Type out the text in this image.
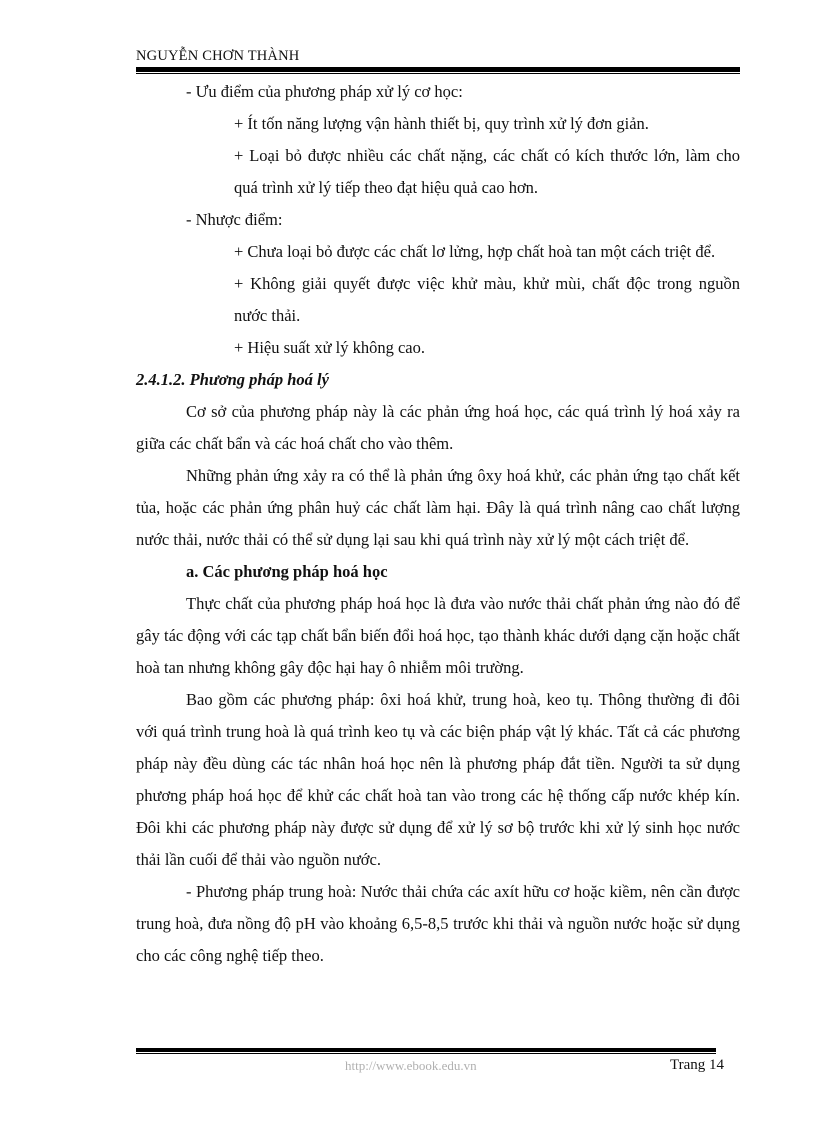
NGUYỄN CHƠN THÀNH

- Ưu điểm của phương pháp xử lý cơ học:

+ Ít tốn năng lượng vận hành thiết bị, quy trình xử lý đơn giản.

+ Loại bỏ được nhiều các chất nặng, các chất có kích thước lớn, làm cho quá trình xử lý tiếp theo đạt hiệu quả cao hơn.

- Nhược điểm:

+ Chưa loại bỏ được các chất lơ lửng, hợp chất hoà tan một cách triệt để.

+ Không giải quyết được việc khử màu, khử mùi, chất độc trong nguồn nước thải.

+ Hiệu suất xử lý không cao.

2.4.1.2. Phương pháp hoá lý

Cơ sở của phương pháp này là các phản ứng hoá học, các quá trình lý hoá xảy ra giữa các chất bẩn và các hoá chất cho vào thêm.

Những phản ứng xảy ra có thể là phản ứng ôxy hoá khử, các phản ứng tạo chất kết tủa, hoặc các phản ứng phân huỷ các chất làm hại. Đây là quá trình nâng cao chất lượng nước thải, nước thải có thể sử dụng lại sau khi quá trình này xử lý một cách triệt để.

a. Các phương pháp hoá học

Thực chất của phương pháp hoá học là đưa vào nước thải chất phản ứng nào đó để gây tác động với các tạp chất bẩn biến đổi hoá học, tạo thành khác dưới dạng cặn hoặc chất hoà tan nhưng không gây độc hại hay ô nhiễm môi trường.

Bao gồm các phương pháp: ôxi hoá khử, trung hoà, keo tụ. Thông thường đi đôi với quá trình trung hoà là quá trình keo tụ và các biện pháp vật lý khác. Tất cả các phương pháp này đều dùng các tác nhân hoá học nên là phương pháp đắt tiền. Người ta sử dụng phương pháp hoá học để khử các chất hoà tan vào trong các hệ thống cấp nước khép kín. Đôi khi các phương pháp này được sử dụng để xử lý sơ bộ trước khi xử lý sinh học nước thải lần cuối để thải vào nguồn nước.

- Phương pháp trung hoà: Nước thải chứa các axít hữu cơ hoặc kiềm, nên cần được trung hoà, đưa nồng độ pH vào khoảng 6,5-8,5 trước khi thải và nguồn nước hoặc sử dụng cho các công nghệ tiếp theo.

http://www.ebook.edu.vn	Trang 14
